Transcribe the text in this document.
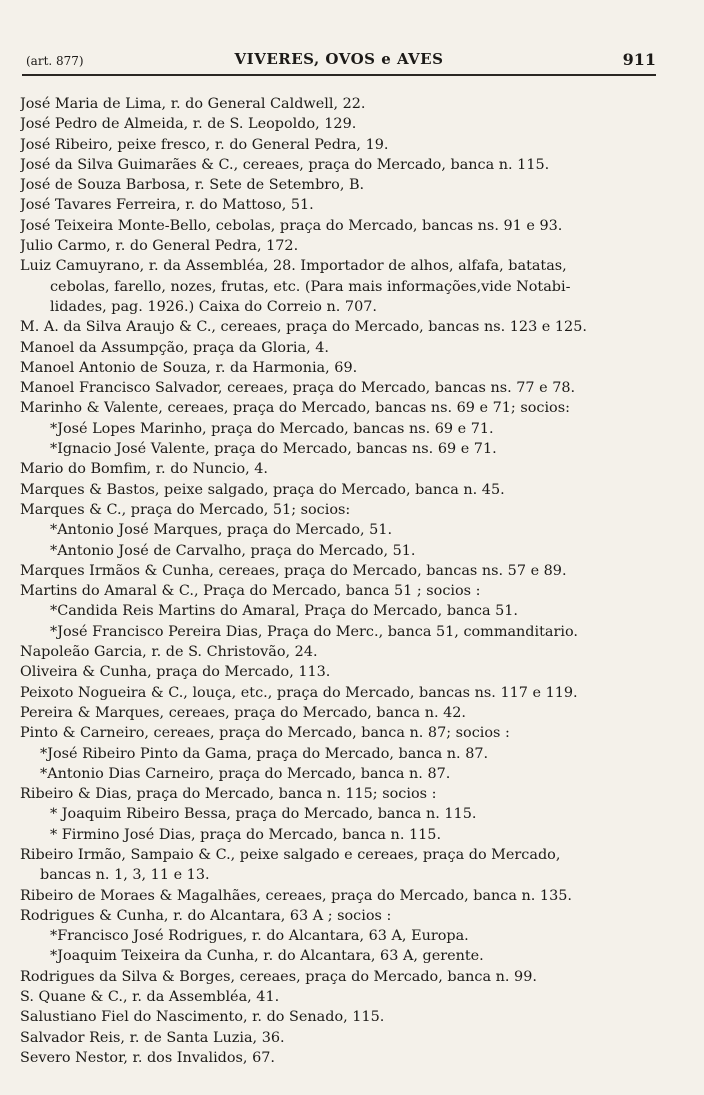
(art. 877)	VIVERES, OVOS e AVES	911
José Maria de Lima, r. do General Caldwell, 22.
José Pedro de Almeida, r. de S. Leopoldo, 129.
José Ribeiro, peixe fresco, r. do General Pedra, 19.
José da Silva Guimarães & C., cereaes, praça do Mercado, banca n. 115.
José de Souza Barbosa, r. Sete de Setembro, B.
José Tavares Ferreira, r. do Mattoso, 51.
José Teixeira Monte-Bello, cebolas, praça do Mercado, bancas ns. 91 e 93.
Julio Carmo, r. do General Pedra, 172.
Luiz Camuyrano, r. da Assembléa, 28. Importador de alhos, alfafa, batatas,
cebolas, farello, nozes, frutas, etc. (Para mais informações,vide Notabi-
lidades, pag. 1926.) Caixa do Correio n. 707.
M. A. da Silva Araujo & C., cereaes, praça do Mercado, bancas ns. 123 e 125.
Manoel da Assumpção, praça da Gloria, 4.
Manoel Antonio de Souza, r. da Harmonia, 69.
Manoel Francisco Salvador, cereaes, praça do Mercado, bancas ns. 77 e 78.
Marinho & Valente, cereaes, praça do Mercado, bancas ns. 69 e 71; socios:
*José Lopes Marinho, praça do Mercado, bancas ns. 69 e 71.
*Ignacio José Valente, praça do Mercado, bancas ns. 69 e 71.
Mario do Bomfim, r. do Nuncio, 4.
Marques & Bastos, peixe salgado, praça do Mercado, banca n. 45.
Marques & C., praça do Mercado, 51; socios:
*Antonio José Marques, praça do Mercado, 51.
*Antonio José de Carvalho, praça do Mercado, 51.
Marques Irmãos & Cunha, cereaes, praça do Mercado, bancas ns. 57 e 89.
Martins do Amaral & C., Praça do Mercado, banca 51 ; socios :
*Candida Reis Martins do Amaral, Praça do Mercado, banca 51.
*José Francisco Pereira Dias, Praça do Merc., banca 51, commanditario.
Napoleão Garcia, r. de S. Christovão, 24.
Oliveira & Cunha, praça do Mercado, 113.
Peixoto Nogueira & C., louça, etc., praça do Mercado, bancas ns. 117 e 119.
Pereira & Marques, cereaes, praça do Mercado, banca n. 42.
Pinto & Carneiro, cereaes, praça do Mercado, banca n. 87; socios :
*José Ribeiro Pinto da Gama, praça do Mercado, banca n. 87.
*Antonio Dias Carneiro, praça do Mercado, banca n. 87.
Ribeiro & Dias, praça do Mercado, banca n. 115; socios :
* Joaquim Ribeiro Bessa, praça do Mercado, banca n. 115.
* Firmino José Dias, praça do Mercado, banca n. 115.
Ribeiro Irmão, Sampaio & C., peixe salgado e cereaes, praça do Mercado,
bancas n. 1, 3, 11 e 13.
Ribeiro de Moraes & Magalhães, cereaes, praça do Mercado, banca n. 135.
Rodrigues & Cunha, r. do Alcantara, 63 A ; socios :
*Francisco José Rodrigues, r. do Alcantara, 63 A, Europa.
*Joaquim Teixeira da Cunha, r. do Alcantara, 63 A, gerente.
Rodrigues da Silva & Borges, cereaes, praça do Mercado, banca n. 99.
S. Quane & C., r. da Assembléa, 41.
Salustiano Fiel do Nascimento, r. do Senado, 115.
Salvador Reis, r. de Santa Luzia, 36.
Severo Nestor, r. dos Invalidos, 67.
